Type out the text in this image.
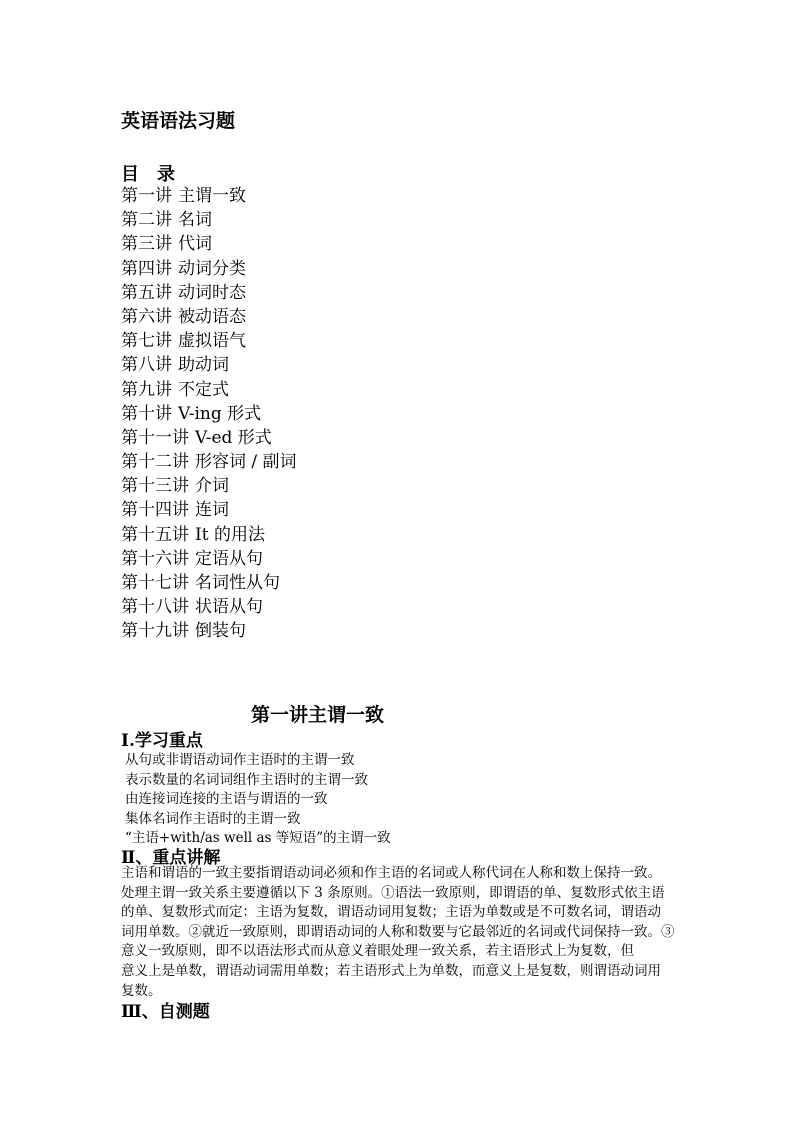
英语语法习题
目　录
第一讲 主谓一致
第二讲 名词
第三讲 代词
第四讲 动词分类
第五讲 动词时态
第六讲 被动语态
第七讲 虚拟语气
第八讲 助动词
第九讲 不定式
第十讲 V-ing 形式
第十一讲 V-ed 形式
第十二讲 形容词 / 副词
第十三讲 介词
第十四讲 连词
第十五讲 It 的用法
第十六讲 定语从句
第十七讲 名词性从句
第十八讲 状语从句
第十九讲 倒装句
第一讲主谓一致
I.学习重点
从句或非谓语动词作主语时的主谓一致
表示数量的名词词组作主语时的主谓一致
由连接词连接的主语与谓语的一致
集体名词作主语时的主谓一致
“主语+with/as well as 等短语”的主谓一致
Ⅱ、重点讲解
主语和谓语的一致主要指谓语动词必须和作主语的名词或人称代词在人称和数上保持一致。
处理主谓一致关系主要遵循以下 3 条原则。①语法一致原则，即谓语的单、复数形式依主语
的单、复数形式而定：主语为复数，谓语动词用复数；主语为单数或是不可数名词，谓语动
词用单数。②就近一致原则，即谓语动词的人称和数要与它最邻近的名词或代词保持一致。③
意义一致原则，即不以语法形式而从意义着眼处理一致关系，若主语形式上为复数，但
意义上是单数，谓语动词需用单数；若主语形式上为单数，而意义上是复数，则谓语动词用
复数。
Ⅲ、自测题
